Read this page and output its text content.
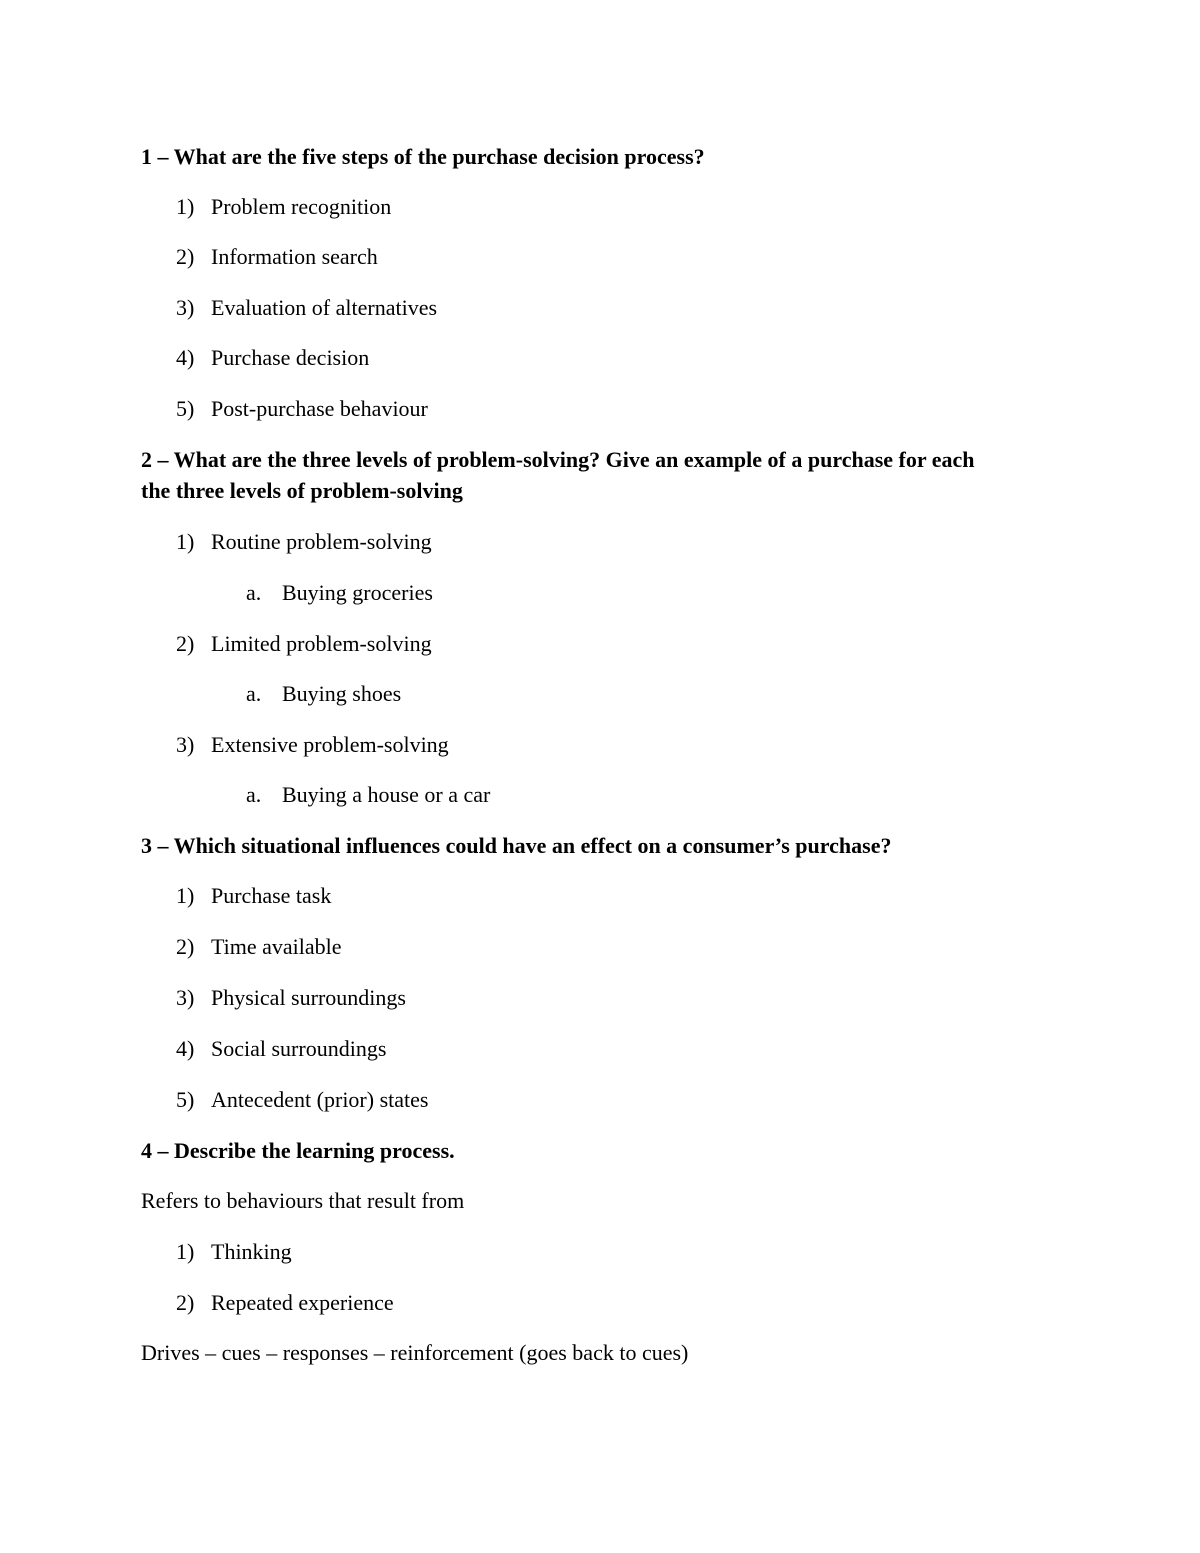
1 – What are the five steps of the purchase decision process?
1) Problem recognition
2) Information search
3) Evaluation of alternatives
4) Purchase decision
5) Post-purchase behaviour
2 – What are the three levels of problem-solving? Give an example of a purchase for each
the three levels of problem-solving
1) Routine problem-solving
a. Buying groceries
2) Limited problem-solving
a. Buying shoes
3) Extensive problem-solving
a. Buying a house or a car
3 – Which situational influences could have an effect on a consumer’s purchase?
1) Purchase task
2) Time available
3) Physical surroundings
4) Social surroundings
5) Antecedent (prior) states
4 – Describe the learning process.
Refers to behaviours that result from
1) Thinking
2) Repeated experience
Drives – cues – responses – reinforcement (goes back to cues)
